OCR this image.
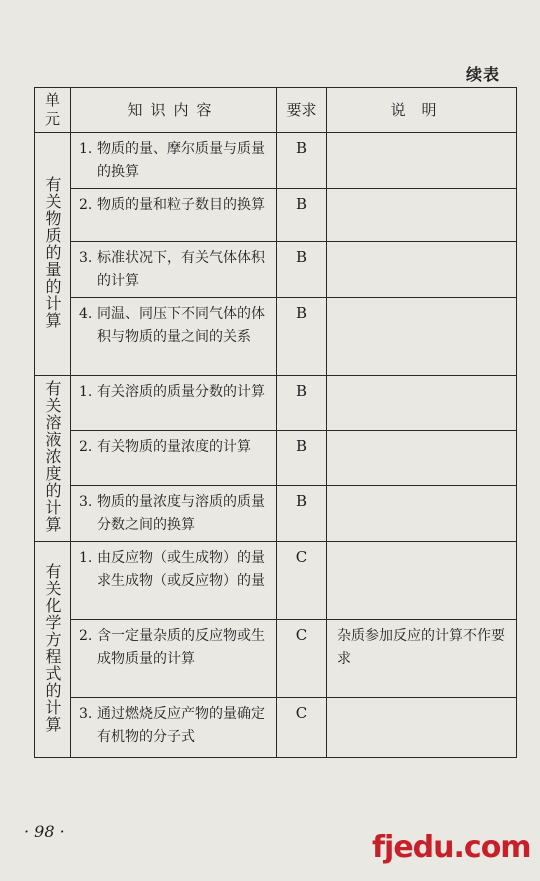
续表
单元	知识内容	要求	说明
有关物质的量的计算	1. 物质的量、摩尔质量与质量的换算	B	

	2. 物质的量和粒子数目的换算	B	

	3. 标准状况下，有关气体体积的计算	B	

	4. 同温、同压下不同气体的体积与物质的量之间的关系	B	
有关溶液浓度的计算	1. 有关溶质的质量分数的计算	B	

	2. 有关物质的量浓度的计算	B	

	3. 物质的量浓度与溶质的质量分数之间的换算	B	
有关化学方程式的计算	1. 由反应物（或生成物）的量求生成物（或反应物）的量	C	

	2. 含一定量杂质的反应物或生成物质量的计算	C	杂质参加反应的计算不作要求

	3. 通过燃烧反应产物的量确定有机物的分子式	C	
· 98 ·	fjedu.com
